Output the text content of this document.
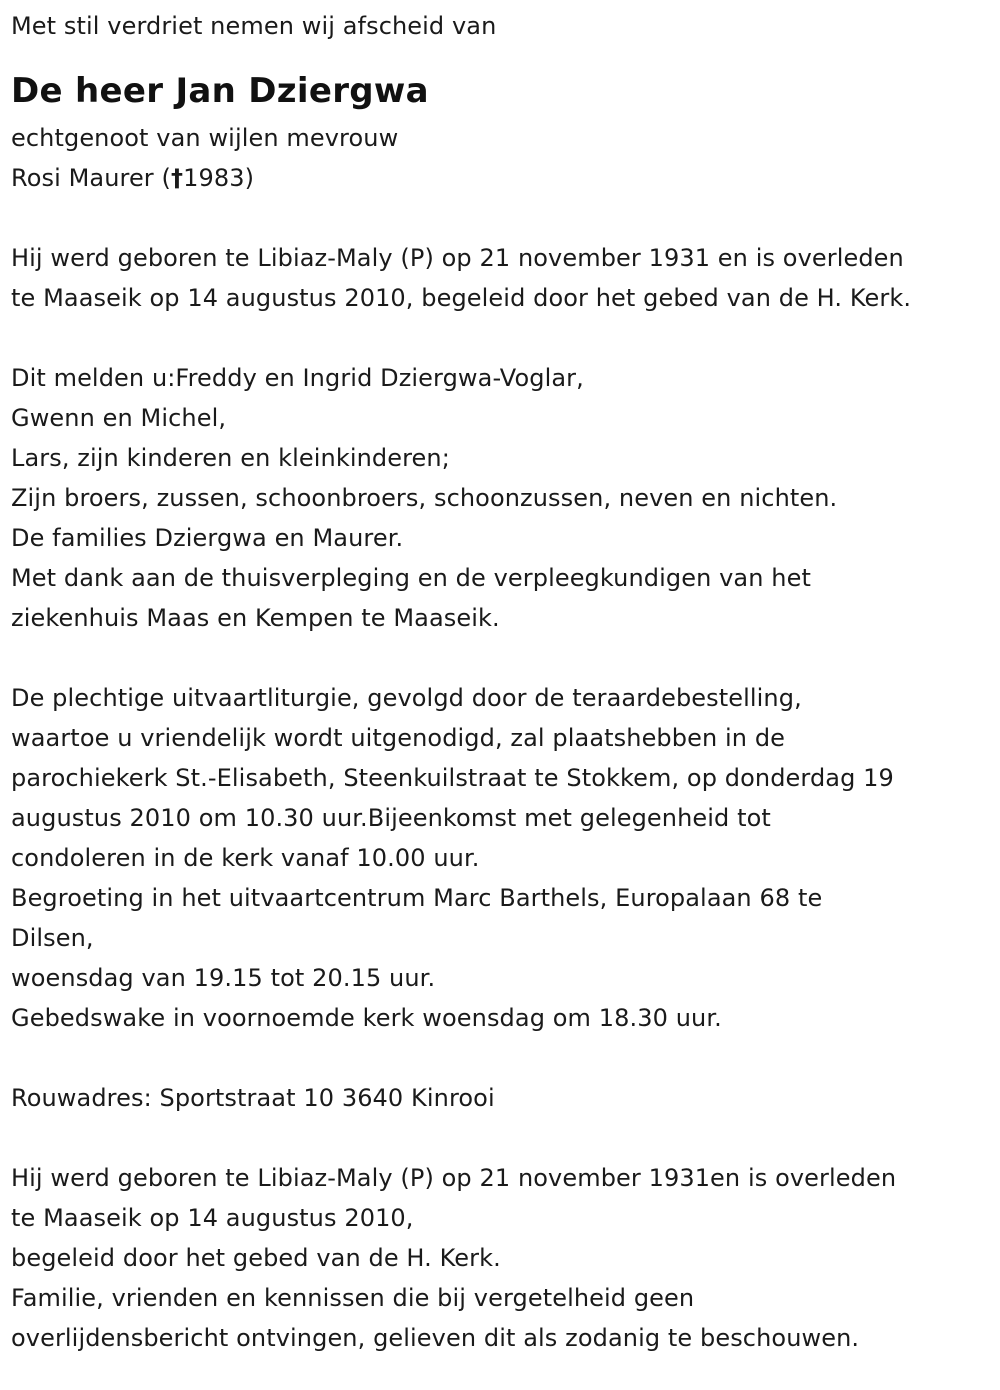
Met stil verdriet nemen wij afscheid van
De heer Jan Dziergwa
echtgenoot van wijlen mevrouw
Rosi Maurer (†1983)
Hij werd geboren te Libiaz-Maly (P) op 21 november 1931 en is overleden
te Maaseik op 14 augustus 2010, begeleid door het gebed van de H. Kerk.
Dit melden u:Freddy en Ingrid Dziergwa-Voglar,
Gwenn en Michel,
Lars, zijn kinderen en kleinkinderen;
Zijn broers, zussen, schoonbroers, schoonzussen, neven en nichten.
De families Dziergwa en Maurer.
Met dank aan de thuisverpleging en de verpleegkundigen van het
ziekenhuis Maas en Kempen te Maaseik.
De plechtige uitvaartliturgie, gevolgd door de teraardebestelling,
waartoe u vriendelijk wordt uitgenodigd, zal plaatshebben in de
parochiekerk St.-Elisabeth, Steenkuilstraat te Stokkem, op donderdag 19
augustus 2010 om 10.30 uur.Bijeenkomst met gelegenheid tot
condoleren in de kerk vanaf 10.00 uur.
Begroeting in het uitvaartcentrum Marc Barthels, Europalaan 68 te
Dilsen,
woensdag van 19.15 tot 20.15 uur.
Gebedswake in voornoemde kerk woensdag om 18.30 uur.
Rouwadres: Sportstraat 10 3640 Kinrooi
Hij werd geboren te Libiaz-Maly (P) op 21 november 1931en is overleden
te Maaseik op 14 augustus 2010,
begeleid door het gebed van de H. Kerk.
Familie, vrienden en kennissen die bij vergetelheid geen
overlijdensbericht ontvingen, gelieven dit als zodanig te beschouwen.
